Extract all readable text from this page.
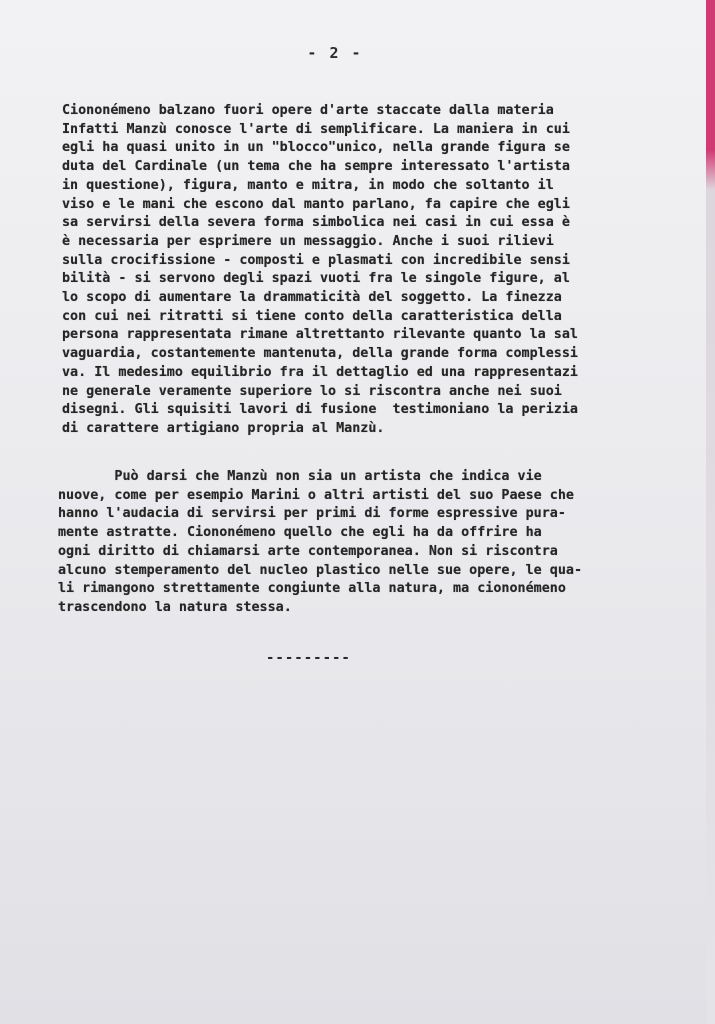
- 2 -
Ciononémeno balzano fuori opere d'arte staccate dalla materia
Infatti Manzù conosce l'arte di semplificare. La maniera in cui
egli ha quasi unito in un "blocco"unico, nella grande figura se
duta del Cardinale (un tema che ha sempre interessato l'artista
in questione), figura, manto e mitra, in modo che soltanto il
viso e le mani che escono dal manto parlano, fa capire che egli
sa servirsi della severa forma simbolica nei casi in cui essa è
è necessaria per esprimere un messaggio. Anche i suoi rilievi
sulla crocifissione - composti e plasmati con incredibile sensi
bilità - si servono degli spazi vuoti fra le singole figure, al
lo scopo di aumentare la drammaticità del soggetto. La finezza
con cui nei ritratti si tiene conto della caratteristica della
persona rappresentata rimane altrettanto rilevante quanto la sal
vaguardia, costantemente mantenuta, della grande forma complessi
va. Il medesimo equilibrio fra il dettaglio ed una rappresentazi
ne generale veramente superiore lo si riscontra anche nei suoi
disegni. Gli squisiti lavori di fusione  testimoniano la perizia
di carattere artigiano propria al Manzù.
Può darsi che Manzù non sia un artista che indica vie
nuove, come per esempio Marini o altri artisti del suo Paese che
hanno l'audacia di servirsi per primi di forme espressive pura-
mente astratte. Ciononémeno quello che egli ha da offrire ha
ogni diritto di chiamarsi arte contemporanea. Non si riscontra
alcuno stemperamento del nucleo plastico nelle sue opere, le qua-
li rimangono strettamente congiunte alla natura, ma ciononémeno
trascendono la natura stessa.
---------
